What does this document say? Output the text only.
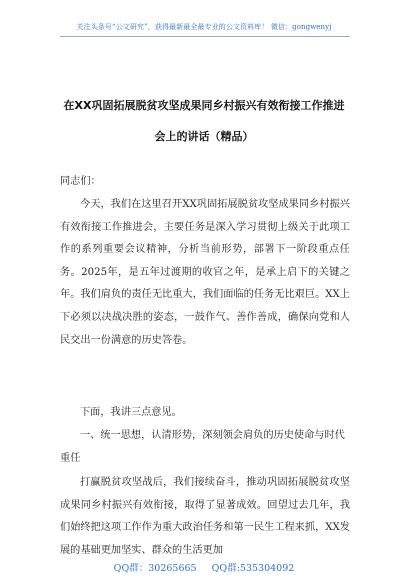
关注头条号“公文研究”，获得最新最全最专业的公文资料库！ 微信：gongwenyj
在XX巩固拓展脱贫攻坚成果同乡村振兴有效衔接工作推进
会上的讲话（精品）

同志们：

今天，我们在这里召开XX巩固拓展脱贫攻坚成果同乡村振兴有效衔接工作推进会，主要任务是深入学习贯彻上级关于此项工作的系列重要会议精神，分析当前形势，部署下一阶段重点任务。2025年，是五年过渡期的收官之年，是承上启下的关键之年。我们肩负的责任无比重大，我们面临的任务无比艰巨。XX上下必须以决战决胜的姿态，一鼓作气、善作善成，确保向党和人民交出一份满意的历史答卷。

下面，我讲三点意见。

一、统一思想，认清形势，深刻领会肩负的历史使命与时代重任

打赢脱贫攻坚战后，我们接续奋斗，推动巩固拓展脱贫攻坚成果同乡村振兴有效衔接，取得了显著成效。回望过去几年，我们始终把这项工作作为重大政治任务和第一民生工程来抓，XX发展的基础更加坚实、群众的生活更加

QQ群：30265665 QQ群:535304092
